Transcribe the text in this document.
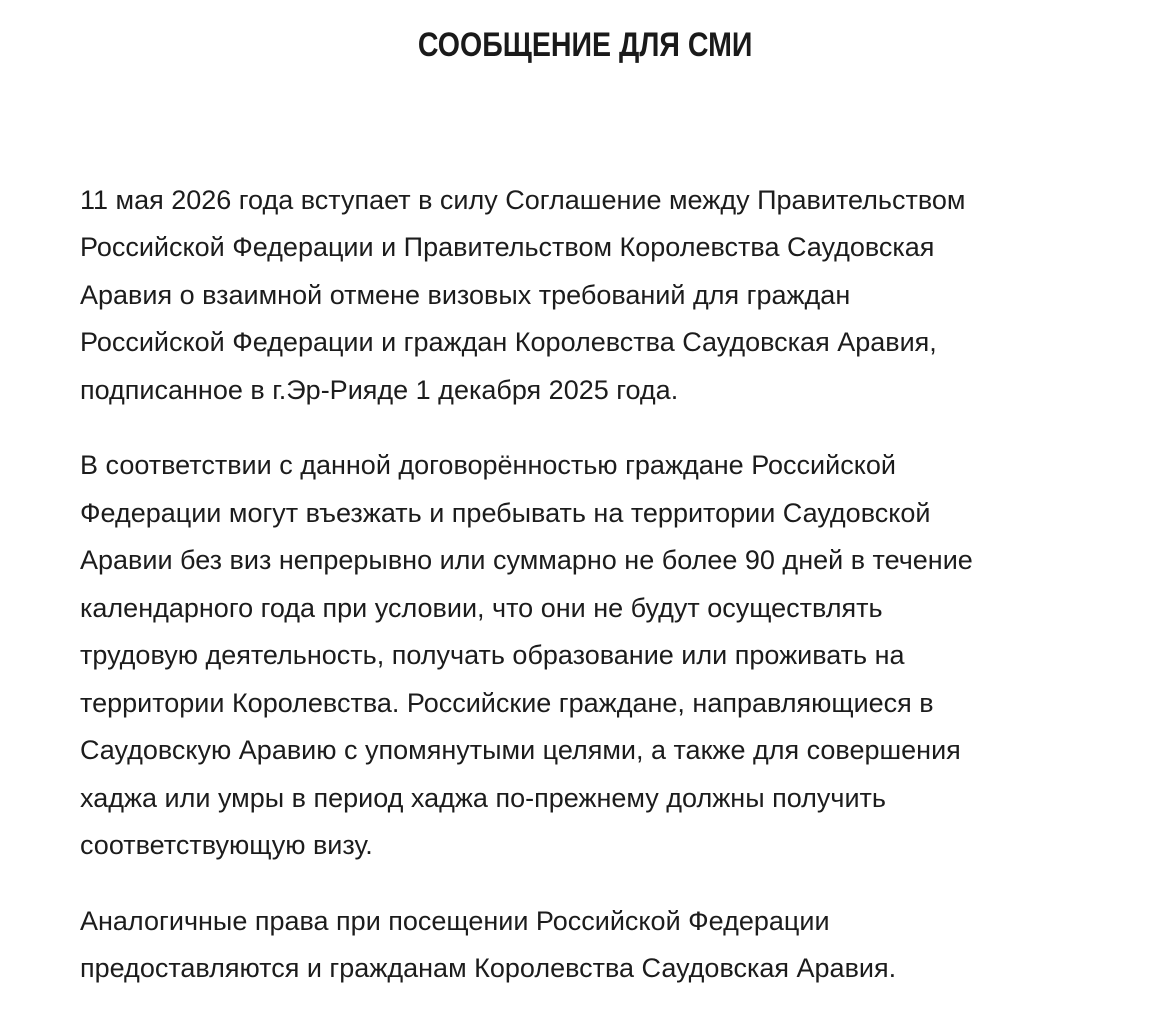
СООБЩЕНИЕ ДЛЯ СМИ

11 мая 2026 года вступает в силу Соглашение между Правительством
Российской Федерации и Правительством Королевства Саудовская
Аравия о взаимной отмене визовых требований для граждан
Российской Федерации и граждан Королевства Саудовская Аравия,
подписанное в г.Эр-Рияде 1 декабря 2025 года.

В соответствии с данной договорённостью граждане Российской
Федерации могут въезжать и пребывать на территории Саудовской
Аравии без виз непрерывно или суммарно не более 90 дней в течение
календарного года при условии, что они не будут осуществлять
трудовую деятельность, получать образование или проживать на
территории Королевства. Российские граждане, направляющиеся в
Саудовскую Аравию с упомянутыми целями, а также для совершения
хаджа или умры в период хаджа по-прежнему должны получить
соответствующую визу.

Аналогичные права при посещении Российской Федерации
предоставляются и гражданам Королевства Саудовская Аравия.
